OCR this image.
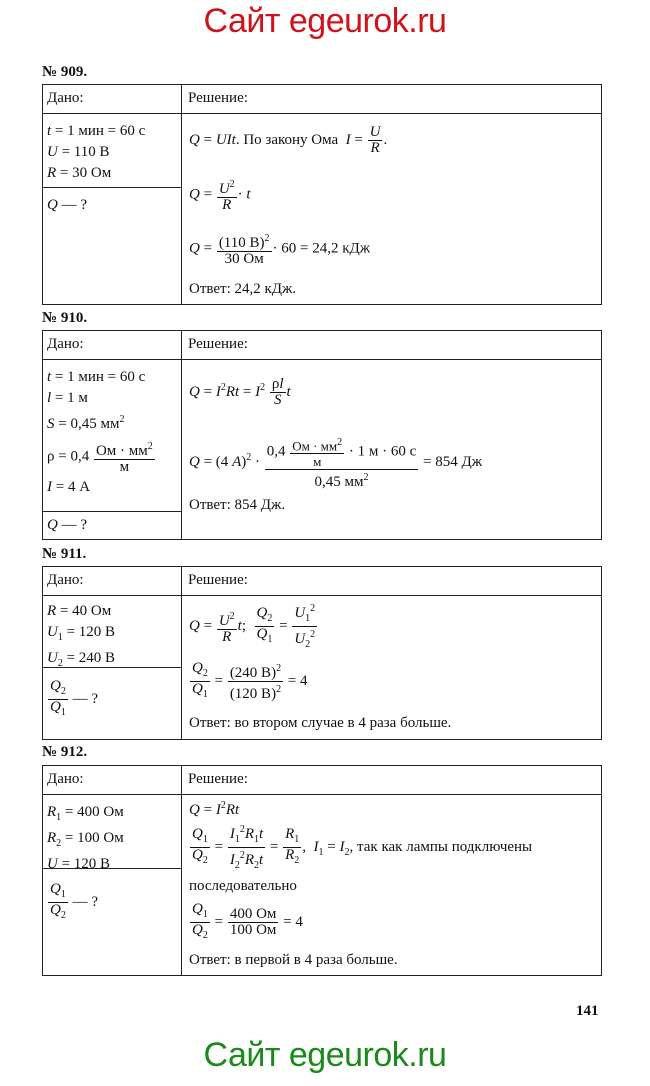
Сайт egeurok.ru
№ 909.
Дано:	Решение:
t = 1 мин = 60 с
U = 110 В
R = 30 Ом
Q — ?
Q = UIt. По закону Ома  $I = \frac{U}{R}$ .
$Q = \frac{U^2}{R} \cdot t$
$Q = \frac{(110 В)^2}{30 Ом} \cdot 60 = 24,2$ кДж
Ответ: 24,2 кДж.
№ 910.
Дано:	Решение:
t = 1 мин = 60 с
l = 1 м
S = 0,45 $мм^2$
$\rho = 0,4 \frac{Ом \cdot мм^2}{м}$
I = 4 А
Q — ?
$Q = I^2Rt = I^2 \frac{\rho l}{S}$ t
Q = (4 $A)^2 \cdot \frac{0,4 \frac{Ом \cdot мм^2}{м} \cdot 1 м \cdot 60 с}{0,45 мм^2} = 854$ Дж
Ответ: 854 Дж.
№ 911.
Дано:	Решение:
R = 40 Ом
$U_1 = 120$ В
$U_2 = 240$ В
$\frac{Q_2}{Q_1}$ — ?
$Q = \frac{U^2}{R} t$; $\frac{Q_2}{Q_1} = \frac{U_1^2}{U_2^2}$
$\frac{Q_2}{Q_1} = \frac{(240 В)^2}{(120 В)^2} = 4$
Ответ: во втором случае в 4 раза больше.
№ 912.
Дано:	Решение:
$R_1 = 400$ Ом
$R_2 = 100$ Ом
U = 120 В
$\frac{Q_1}{Q_2}$ — ?
$Q = I^2Rt$
$\frac{Q_1}{Q_2} = \frac{I_1^2R_1t}{I_2^2R_2t} = \frac{R_1}{R_2}$ ,  $I_1 = I_2$, так как лампы подключены
последовательно
$\frac{Q_1}{Q_2} = \frac{400 Ом}{100 Ом} = 4$
Ответ: в первой в 4 раза больше.
141
Сайт egeurok.ru
